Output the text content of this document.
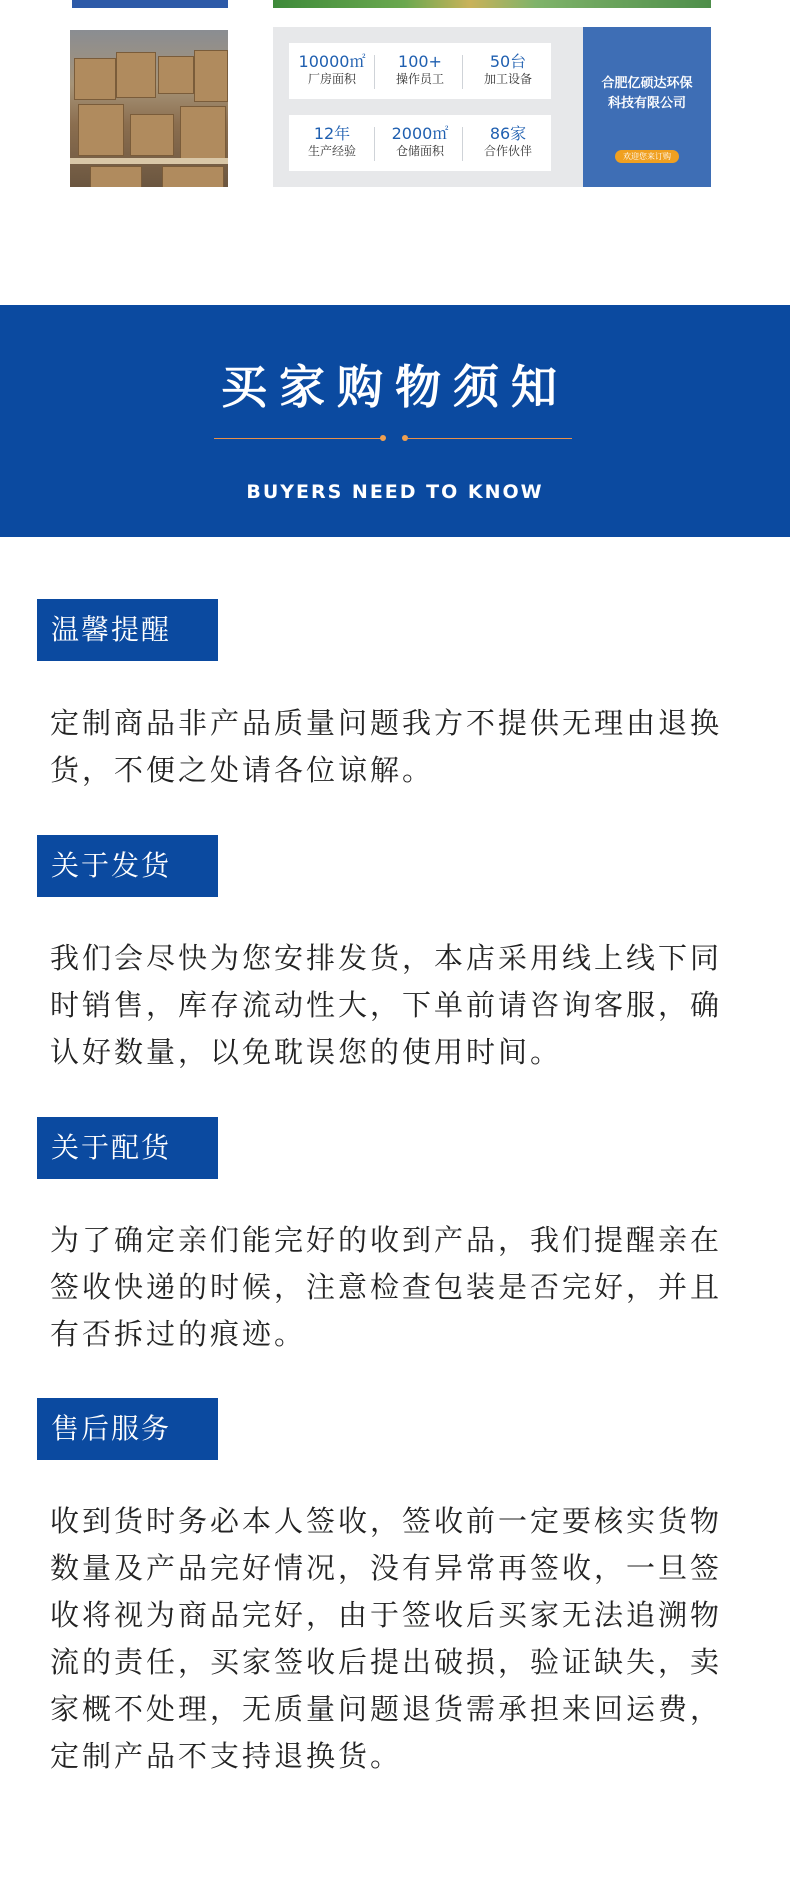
10000㎡
厂房面积
100+
操作员工
50台
加工设备
12年
生产经验
2000㎡
仓储面积
86家
合作伙伴
合肥亿硕达环保
科技有限公司
欢迎您来订购
买家购物须知
BUYERS NEED TO KNOW
温馨提醒
定制商品非产品质量问题我方不提供无理由退换货，不便之处请各位谅解。
关于发货
我们会尽快为您安排发货，本店采用线上线下同时销售，库存流动性大，下单前请咨询客服，确认好数量，以免耽误您的使用时间。
关于配货
为了确定亲们能完好的收到产品，我们提醒亲在签收快递的时候，注意检查包装是否完好，并且有否拆过的痕迹。
售后服务
收到货时务必本人签收，签收前一定要核实货物数量及产品完好情况，没有异常再签收，一旦签收将视为商品完好，由于签收后买家无法追溯物流的责任，买家签收后提出破损，验证缺失，卖家概不处理，无质量问题退货需承担来回运费，定制产品不支持退换货。
